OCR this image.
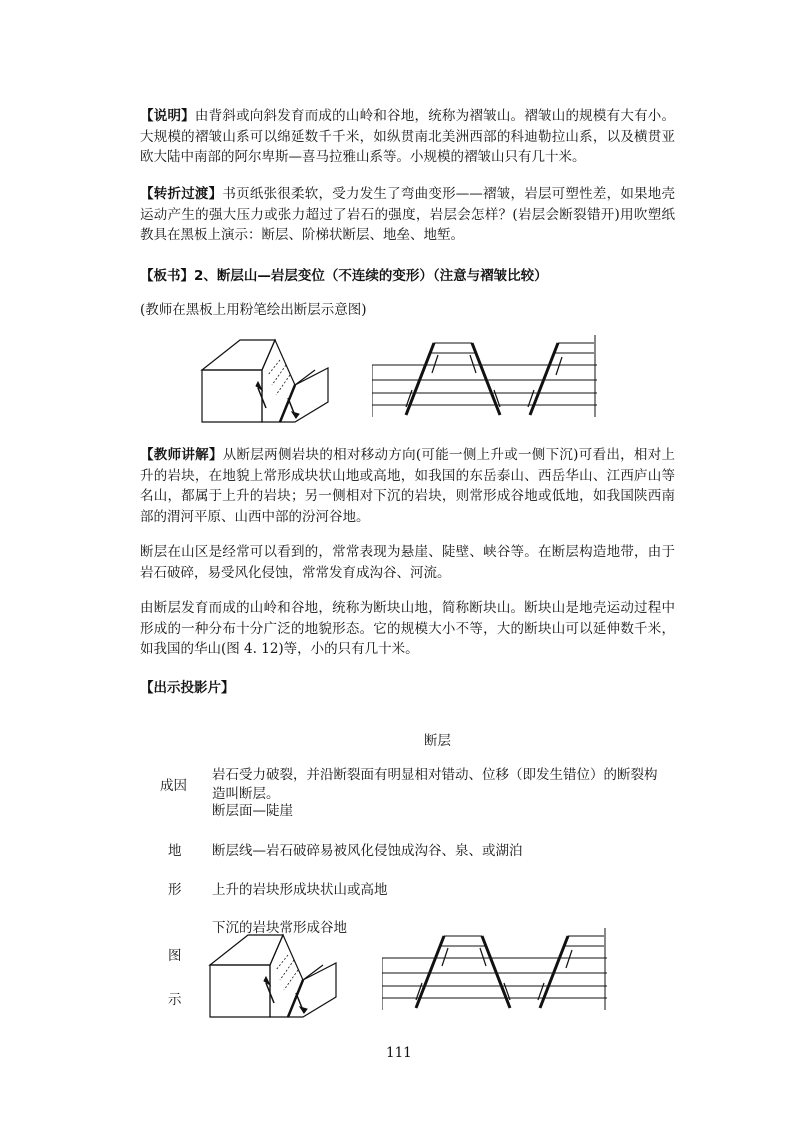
【说明】由背斜或向斜发育而成的山岭和谷地，统称为褶皱山。褶皱山的规模有大有小。大规模的褶皱山系可以绵延数千千米，如纵贯南北美洲西部的科迪勒拉山系，以及横贯亚欧大陆中南部的阿尔卑斯—喜马拉雅山系等。小规模的褶皱山只有几十米。

【转折过渡】书页纸张很柔软，受力发生了弯曲变形——褶皱，岩层可塑性差，如果地壳运动产生的强大压力或张力超过了岩石的强度，岩层会怎样？(岩层会断裂错开)用吹塑纸教具在黑板上演示：断层、阶梯状断层、地垒、地堑。

【板书】2、断层山—岩层变位（不连续的变形）（注意与褶皱比较）
(教师在黑板上用粉笔绘出断层示意图)

【教师讲解】从断层两侧岩块的相对移动方向(可能一侧上升或一侧下沉)可看出，相对上升的岩块，在地貌上常形成块状山地或高地，如我国的东岳泰山、西岳华山、江西庐山等名山，都属于上升的岩块；另一侧相对下沉的岩块，则常形成谷地或低地，如我国陕西南部的渭河平原、山西中部的汾河谷地。

断层在山区是经常可以看到的，常常表现为悬崖、陡壁、峡谷等。在断层构造地带，由于岩石破碎，易受风化侵蚀，常常发育成沟谷、河流。

由断层发育而成的山岭和谷地，统称为断块山地，简称断块山。断块山是地壳运动过程中形成的一种分布十分广泛的地貌形态。它的规模大小不等，大的断块山可以延伸数千米，如我国的华山(图 4. 12)等，小的只有几十米。

【出示投影片】
断层
成因
岩石受力破裂，并沿断裂面有明显相对错动、位移（即发生错位）的断裂构
造叫断层。
断层面—陡崖
地 断层线—岩石破碎易被风化侵蚀成沟谷、泉、或湖泊
形 上升的岩块形成块状山或高地
下沉的岩块常形成谷地
图
示
111
